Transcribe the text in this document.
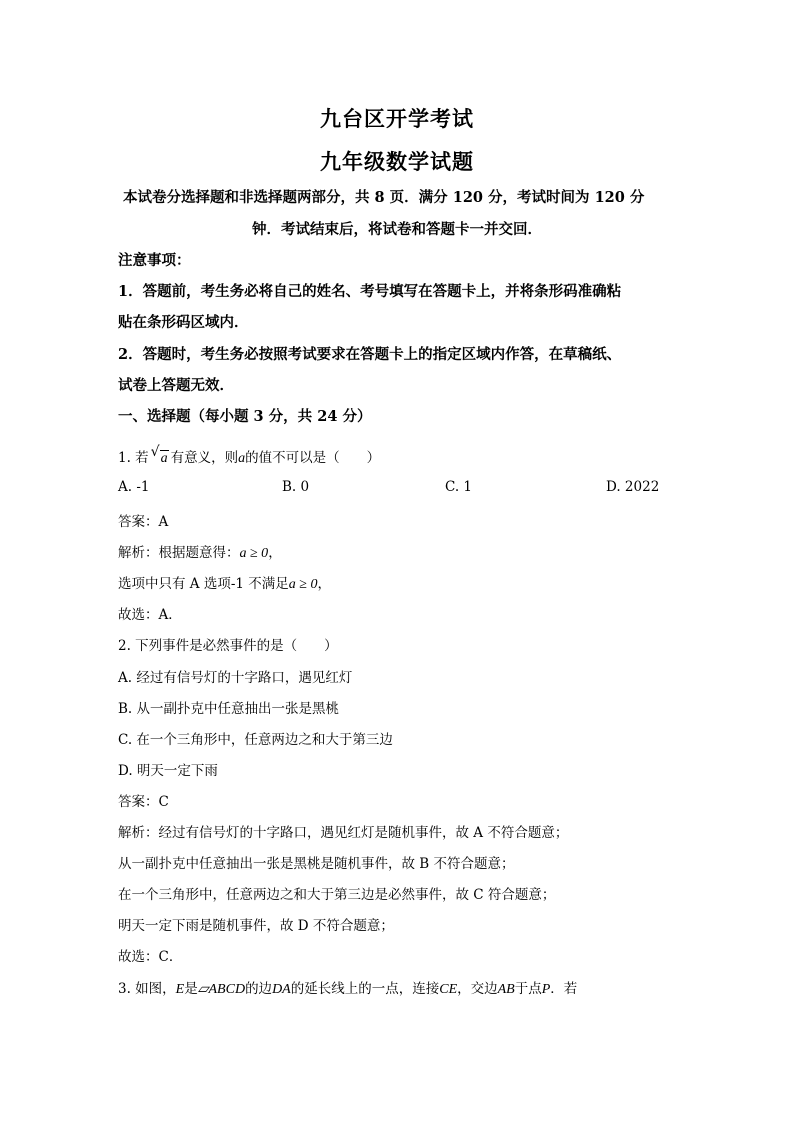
九台区开学考试
九年级数学试题
本试卷分选择题和非选择题两部分，共 8 页．满分 120 分，考试时间为 120 分
钟．考试结束后，将试卷和答题卡一并交回．
注意事项：
1．答题前，考生务必将自己的姓名、考号填写在答题卡上，并将条形码准确粘
贴在条形码区域内．
2．答题时，考生务必按照考试要求在答题卡上的指定区域内作答，在草稿纸、
试卷上答题无效．
一、选择题（每小题 3 分，共 24 分）
1. 若 √ a 有意义，则a的值不可以是（　　）
A. -1	B. 0	C. 1	D. 2022
答案：A
解析：根据题意得：a ≥ 0，
选项中只有 A 选项-1 不满足a ≥ 0，
故选：A．
2. 下列事件是必然事件的是（　　）
A. 经过有信号灯的十字路口，遇见红灯
B. 从一副扑克中任意抽出一张是黑桃
C. 在一个三角形中，任意两边之和大于第三边
D. 明天一定下雨
答案：C
解析：经过有信号灯的十字路口，遇见红灯是随机事件，故 A 不符合题意；
从一副扑克中任意抽出一张是黑桃是随机事件，故 B 不符合题意；
在一个三角形中，任意两边之和大于第三边是必然事件，故 C 符合题意；
明天一定下雨是随机事件，故 D 不符合题意；
故选：C．
3. 如图，E是▱ABCD的边DA的延长线上的一点，连接CE，交边AB于点P．若
